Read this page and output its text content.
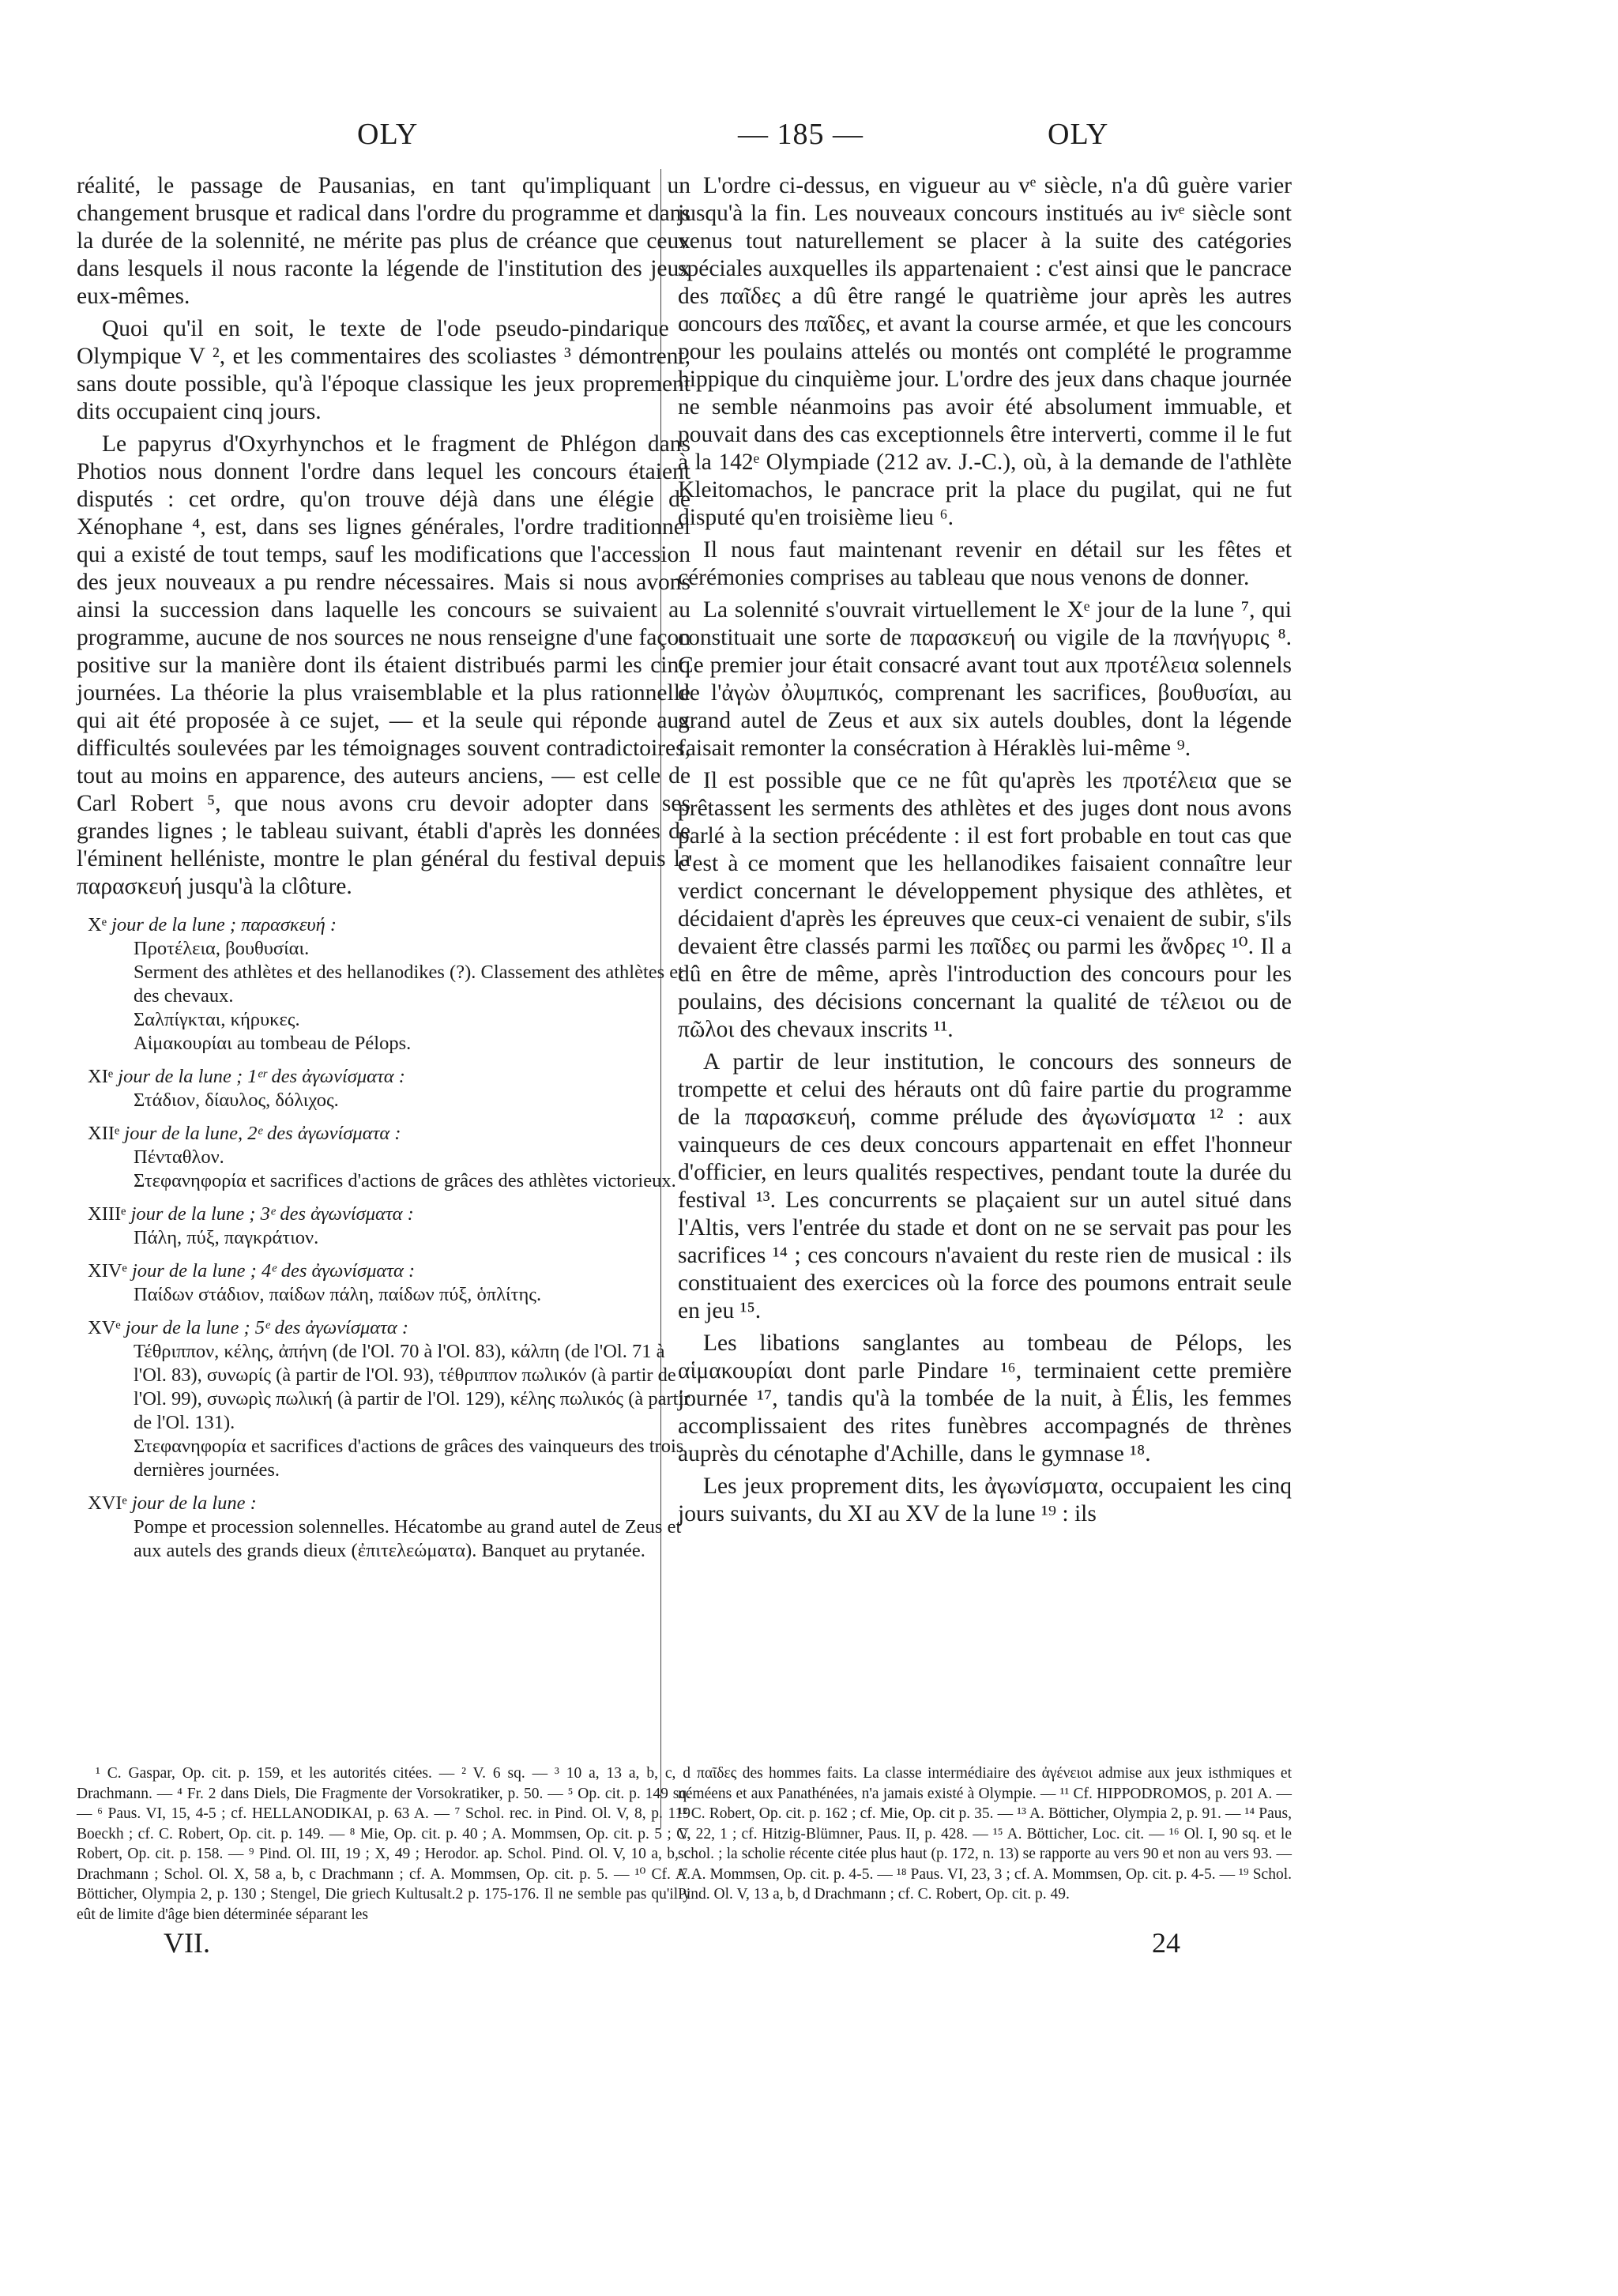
OLY	— 185 —	OLY

réalité, le passage de Pausanias, en tant qu'impliquant un changement brusque et radical dans l'ordre du programme et dans la durée de la solennité, ne mérite pas plus de créance que ceux dans lesquels il nous raconte la légende de l'institution des jeux eux-mêmes.

Quoi qu'il en soit, le texte de l'ode pseudo-pindarique ¹ Olympique V ², et les commentaires des scoliastes ³ démontrent, sans doute possible, qu'à l'époque classique les jeux proprement dits occupaient cinq jours.

Le papyrus d'Oxyrhynchos et le fragment de Phlégon dans Photios nous donnent l'ordre dans lequel les concours étaient disputés : cet ordre, qu'on trouve déjà dans une élégie de Xénophane ⁴, est, dans ses lignes générales, l'ordre traditionnel qui a existé de tout temps, sauf les modifications que l'accession des jeux nouveaux a pu rendre nécessaires. Mais si nous avons ainsi la succession dans laquelle les concours se suivaient au programme, aucune de nos sources ne nous renseigne d'une façon positive sur la manière dont ils étaient distribués parmi les cinq journées. La théorie la plus vraisemblable et la plus rationnelle qui ait été proposée à ce sujet, — et la seule qui réponde aux difficultés soulevées par les témoignages souvent contradictoires, tout au moins en apparence, des auteurs anciens, — est celle de Carl Robert ⁵, que nous avons cru devoir adopter dans ses grandes lignes ; le tableau suivant, établi d'après les données de l'éminent helléniste, montre le plan général du festival depuis la παρασκευή jusqu'à la clôture.

Xᵉ jour de la lune ; παρασκευή :
Προτέλεια, βουθυσίαι.
Serment des athlètes et des hellanodikes (?). Classement des athlètes et des chevaux.
Σαλπίγκται, κήρυκες.
Αἱμακουρίαι au tombeau de Pélops.
XIᵉ jour de la lune ; 1ᵉʳ des ἀγωνίσματα :
Στάδιον, δίαυλος, δόλιχος.
XIIᵉ jour de la lune, 2ᵉ des ἀγωνίσματα :
Πένταθλον.
Στεφανηφορία et sacrifices d'actions de grâces des athlètes victorieux.
XIIIᵉ jour de la lune ; 3ᵉ des ἀγωνίσματα :
Πάλη, πύξ, παγκράτιον.
XIVᵉ jour de la lune ; 4ᵉ des ἀγωνίσματα :
Παίδων στάδιον, παίδων πάλη, παίδων πύξ, ὁπλίτης.
XVᵉ jour de la lune ; 5ᵉ des ἀγωνίσματα :
Τέθριππον, κέλης, ἀπήνη (de l'Ol. 70 à l'Ol. 83), κάλπη (de l'Ol. 71 à l'Ol. 83), συνωρίς (à partir de l'Ol. 93), τέθριππον πωλικόν (à partir de l'Ol. 99), συνωρὶς πωλική (à partir de l'Ol. 129), κέλης πωλικός (à partir de l'Ol. 131).
Στεφανηφορία et sacrifices d'actions de grâces des vainqueurs des trois dernières journées.
XVIᵉ jour de la lune :
Pompe et procession solennelles. Hécatombe au grand autel de Zeus et aux autels des grands dieux (ἐπιτελεώματα). Banquet au prytanée.

L'ordre ci-dessus, en vigueur au vᵉ siècle, n'a dû guère varier jusqu'à la fin. Les nouveaux concours institués au ivᵉ siècle sont venus tout naturellement se placer à la suite des catégories spéciales auxquelles ils appartenaient : c'est ainsi que le pancrace des παῖδες a dû être rangé le quatrième jour après les autres concours des παῖδες, et avant la course armée, et que les concours pour les poulains attelés ou montés ont complété le programme hippique du cinquième jour. L'ordre des jeux dans chaque journée ne semble néanmoins pas avoir été absolument immuable, et pouvait dans des cas exceptionnels être interverti, comme il le fut à la 142ᵉ Olympiade (212 av. J.-C.), où, à la demande de l'athlète Kleitomachos, le pancrace prit la place du pugilat, qui ne fut disputé qu'en troisième lieu ⁶.

Il nous faut maintenant revenir en détail sur les fêtes et cérémonies comprises au tableau que nous venons de donner.

La solennité s'ouvrait virtuellement le Xᵉ jour de la lune ⁷, qui constituait une sorte de παρασκευή ou vigile de la πανήγυρις ⁸. Ce premier jour était consacré avant tout aux προτέλεια solennels de l'ἀγὼν ὀλυμπικός, comprenant les sacrifices, βουθυσίαι, au grand autel de Zeus et aux six autels doubles, dont la légende faisait remonter la consécration à Héraklès lui-même ⁹.

Il est possible que ce ne fût qu'après les προτέλεια que se prêtassent les serments des athlètes et des juges dont nous avons parlé à la section précédente : il est fort probable en tout cas que c'est à ce moment que les hellanodikes faisaient connaître leur verdict concernant le développement physique des athlètes, et décidaient d'après les épreuves que ceux-ci venaient de subir, s'ils devaient être classés parmi les παῖδες ou parmi les ἄνδρες ¹⁰. Il a dû en être de même, après l'introduction des concours pour les poulains, des décisions concernant la qualité de τέλειοι ou de πῶλοι des chevaux inscrits ¹¹.

A partir de leur institution, le concours des sonneurs de trompette et celui des hérauts ont dû faire partie du programme de la παρασκευή, comme prélude des ἀγωνίσματα ¹² : aux vainqueurs de ces deux concours appartenait en effet l'honneur d'officier, en leurs qualités respectives, pendant toute la durée du festival ¹³. Les concurrents se plaçaient sur un autel situé dans l'Altis, vers l'entrée du stade et dont on ne se servait pas pour les sacrifices ¹⁴ ; ces concours n'avaient du reste rien de musical : ils constituaient des exercices où la force des poumons entrait seule en jeu ¹⁵.

Les libations sanglantes au tombeau de Pélops, les αἱμακουρίαι dont parle Pindare ¹⁶, terminaient cette première journée ¹⁷, tandis qu'à la tombée de la nuit, à Élis, les femmes accomplissaient des rites funèbres accompagnés de thrènes auprès du cénotaphe d'Achille, dans le gymnase ¹⁸.

Les jeux proprement dits, les ἀγωνίσματα, occupaient les cinq jours suivants, du XI au XV de la lune ¹⁹ : ils

¹ C. Gaspar, Op. cit. p. 159, et les autorités citées. — ² V. 6 sq. — ³ 10 a, 13 a, b, c, d Drachmann. — ⁴ Fr. 2 dans Diels, Die Fragmente der Vorsokratiker, p. 50. — ⁵ Op. cit. p. 149 sq. — ⁶ Paus. VI, 15, 4-5 ; cf. HELLANODIKAI, p. 63 A. — ⁷ Schol. rec. in Pind. Ol. V, 8, p. 119 Boeckh ; cf. C. Robert, Op. cit. p. 149. — ⁸ Mie, Op. cit. p. 40 ; A. Mommsen, Op. cit. p. 5 ; C. Robert, Op. cit. p. 158. — ⁹ Pind. Ol. III, 19 ; X, 49 ; Herodor. ap. Schol. Pind. Ol. V, 10 a, b, c Drachmann ; Schol. Ol. X, 58 a, b, c Drachmann ; cf. A. Mommsen, Op. cit. p. 5. — ¹⁰ Cf. A. Bötticher, Olympia 2, p. 130 ; Stengel, Die griech Kultusalt.2 p. 175-176. Il ne semble pas qu'il y eût de limite d'âge bien déterminée séparant les

παῖδες des hommes faits. La classe intermédiaire des ἀγένειοι admise aux jeux isthmiques et néméens et aux Panathénées, n'a jamais existé à Olympie. — ¹¹ Cf. HIPPODROMOS, p. 201 A. — ¹² C. Robert, Op. cit. p. 162 ; cf. Mie, Op. cit p. 35. — ¹³ A. Bötticher, Olympia 2, p. 91. — ¹⁴ Paus, V, 22, 1 ; cf. Hitzig-Blümner, Paus. II, p. 428. — ¹⁵ A. Bötticher, Loc. cit. — ¹⁶ Ol. I, 90 sq. et le schol. ; la scholie récente citée plus haut (p. 172, n. 13) se rapporte au vers 90 et non au vers 93. — ¹⁷ A. Mommsen, Op. cit. p. 4-5. — ¹⁸ Paus. VI, 23, 3 ; cf. A. Mommsen, Op. cit. p. 4-5. — ¹⁹ Schol. Pind. Ol. V, 13 a, b, d Drachmann ; cf. C. Robert, Op. cit. p. 49.

VII.	24
